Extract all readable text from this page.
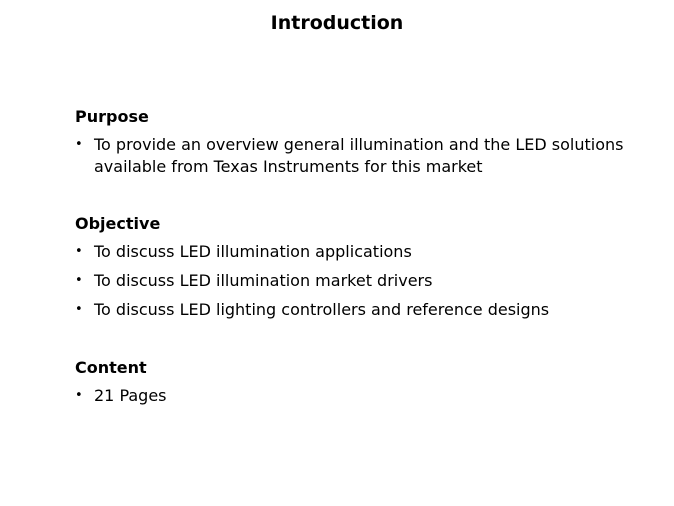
Introduction
Purpose
• To provide an overview general illumination and the LED solutions available from Texas Instruments for this market
Objective
• To discuss LED illumination applications
• To discuss LED illumination market drivers
• To discuss LED lighting controllers and reference designs
Content
• 21 Pages
